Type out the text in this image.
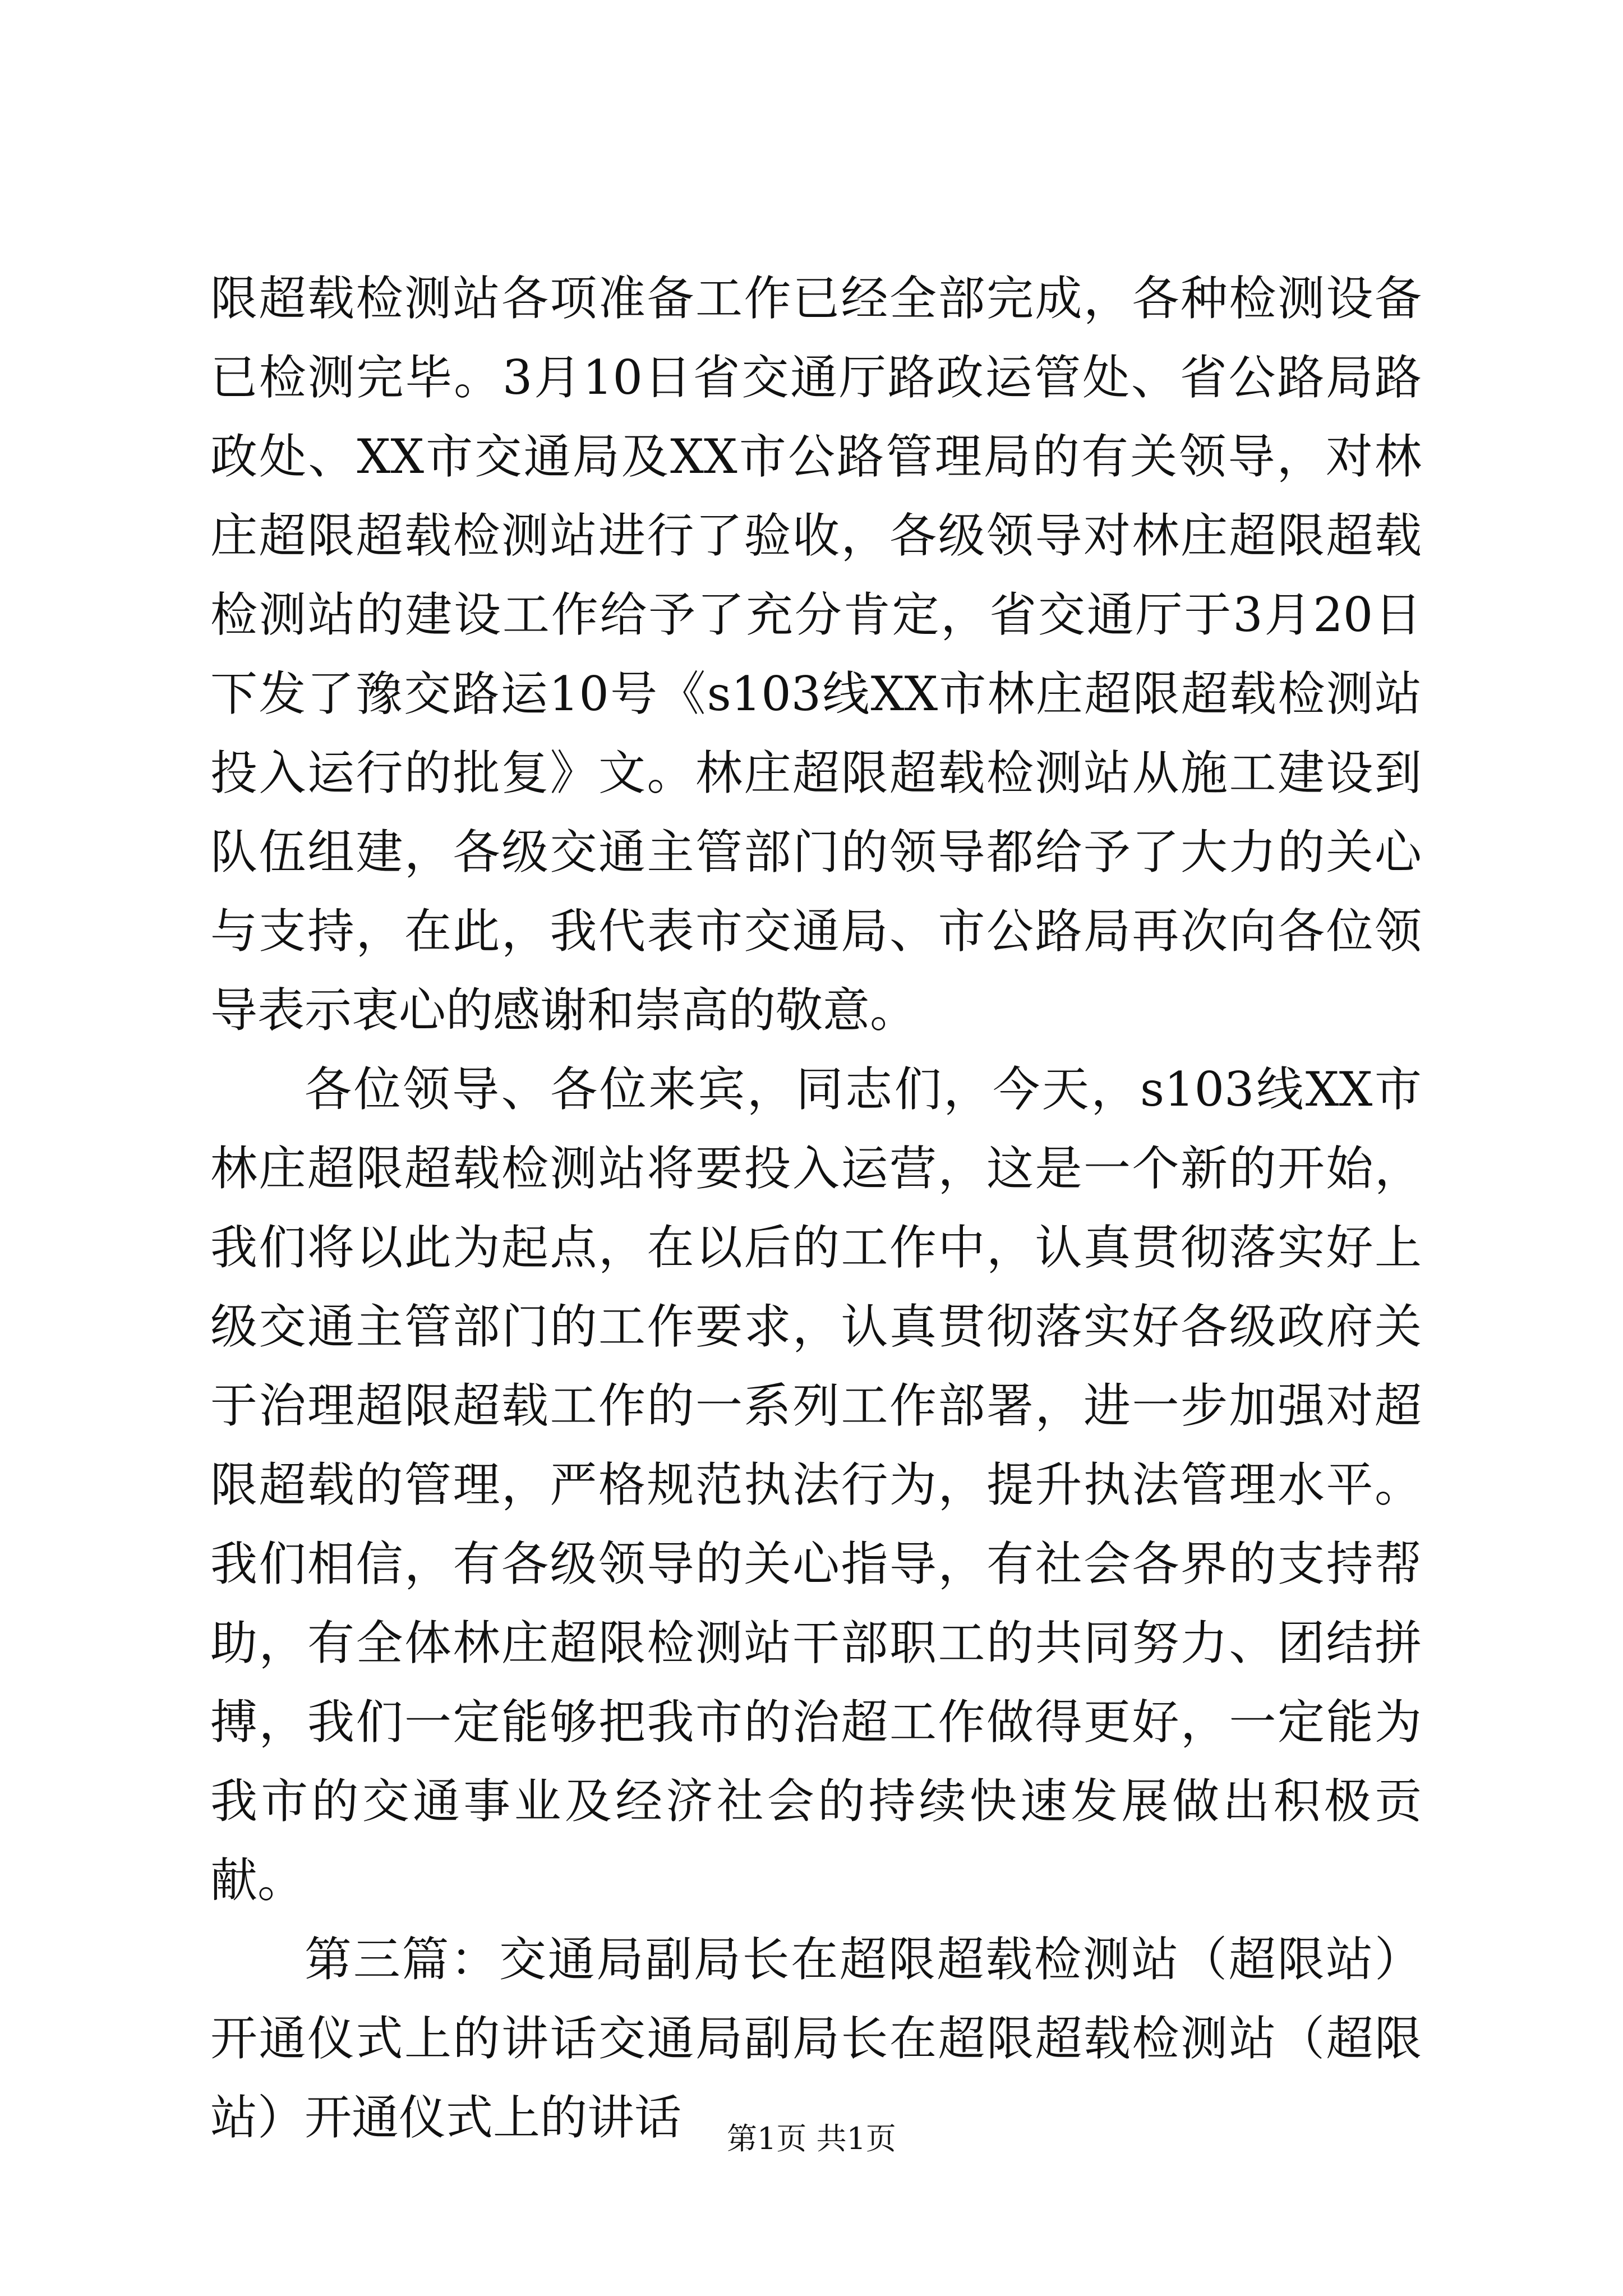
限超载检测站各项准备工作已经全部完成，各种检测设备已检测完毕。3月10日省交通厅路政运管处、省公路局路政处、XX市交通局及XX市公路管理局的有关领导，对林庄超限超载检测站进行了验收，各级领导对林庄超限超载检测站的建设工作给予了充分肯定，省交通厅于3月20日下发了豫交路运10号《s103线XX市林庄超限超载检测站投入运行的批复》文。林庄超限超载检测站从施工建设到队伍组建，各级交通主管部门的领导都给予了大力的关心与支持，在此，我代表市交通局、市公路局再次向各位领导表示衷心的感谢和崇高的敬意。

各位领导、各位来宾，同志们，今天，s103线XX市林庄超限超载检测站将要投入运营，这是一个新的开始，我们将以此为起点，在以后的工作中，认真贯彻落实好上级交通主管部门的工作要求，认真贯彻落实好各级政府关于治理超限超载工作的一系列工作部署，进一步加强对超限超载的管理，严格规范执法行为，提升执法管理水平。我们相信，有各级领导的关心指导，有社会各界的支持帮助，有全体林庄超限检测站干部职工的共同努力、团结拼搏，我们一定能够把我市的治超工作做得更好，一定能为我市的交通事业及经济社会的持续快速发展做出积极贡献。

第三篇：交通局副局长在超限超载检测站（超限站）开通仪式上的讲话交通局副局长在超限超载检测站（超限站）开通仪式上的讲话	第1页 共1页
